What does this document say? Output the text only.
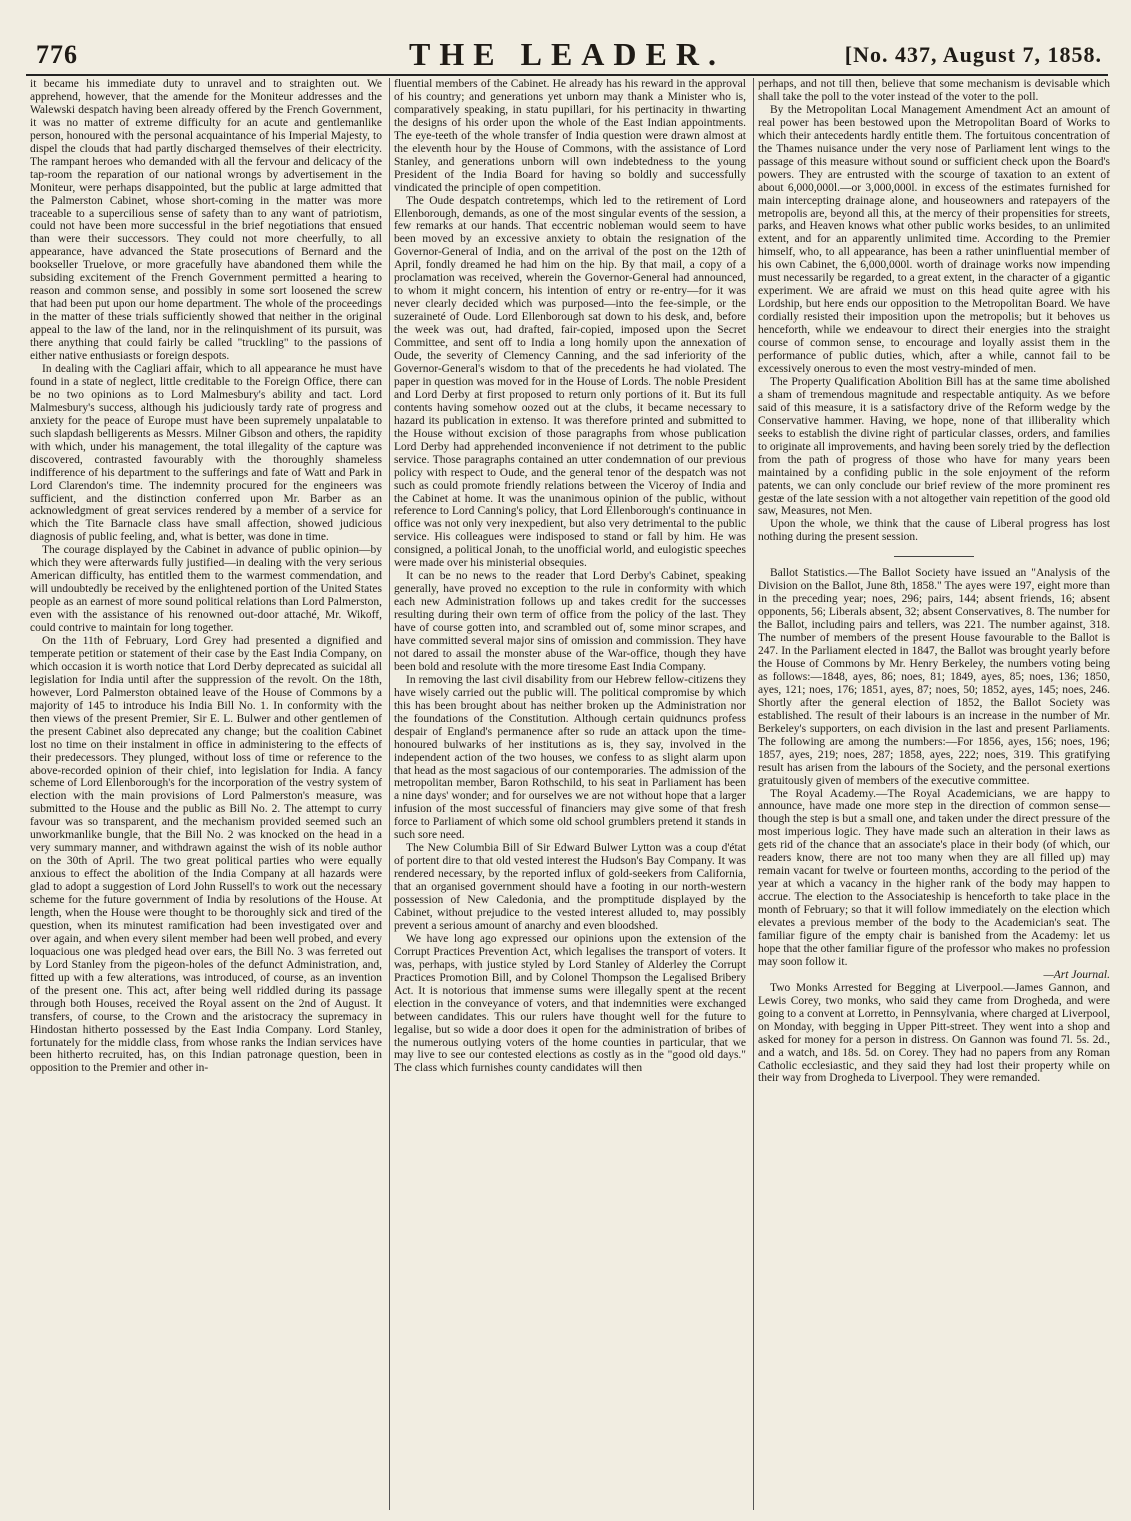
776	THE LEADER.	[No. 437, August 7, 1858.

it became his immediate duty to unravel and to straighten out. We apprehend, however, that the amende for the Moniteur addresses and the Walewski despatch having been already offered by the French Government, it was no matter of extreme difficulty for an acute and gentlemanlike person, honoured with the personal acquaintance of his Imperial Majesty, to dispel the clouds that had partly discharged themselves of their electricity. The rampant heroes who demanded with all the fervour and delicacy of the tap-room the reparation of our national wrongs by advertisement in the Moniteur, were perhaps disappointed, but the public at large admitted that the Palmerston Cabinet, whose short-coming in the matter was more traceable to a supercilious sense of safety than to any want of patriotism, could not have been more successful in the brief negotiations that ensued than were their successors. They could not more cheerfully, to all appearance, have advanced the State prosecutions of Bernard and the bookseller Truelove, or more gracefully have abandoned them while the subsiding excitement of the French Government permitted a hearing to reason and common sense, and possibly in some sort loosened the screw that had been put upon our home department. The whole of the proceedings in the matter of these trials sufficiently showed that neither in the original appeal to the law of the land, nor in the relinquishment of its pursuit, was there anything that could fairly be called "truckling" to the passions of either native enthusiasts or foreign despots.

In dealing with the Cagliari affair, which to all appearance he must have found in a state of neglect, little creditable to the Foreign Office, there can be no two opinions as to Lord Malmesbury's ability and tact. Lord Malmesbury's success, although his judiciously tardy rate of progress and anxiety for the peace of Europe must have been supremely unpalatable to such slapdash belligerents as Messrs. Milner Gibson and others, the rapidity with which, under his management, the total illegality of the capture was discovered, contrasted favourably with the thoroughly shameless indifference of his department to the sufferings and fate of Watt and Park in Lord Clarendon's time. The indemnity procured for the engineers was sufficient, and the distinction conferred upon Mr. Barber as an acknowledgment of great services rendered by a member of a service for which the Tite Barnacle class have small affection, showed judicious diagnosis of public feeling, and, what is better, was done in time.

The courage displayed by the Cabinet in advance of public opinion—by which they were afterwards fully justified—in dealing with the very serious American difficulty, has entitled them to the warmest commendation, and will undoubtedly be received by the enlightened portion of the United States people as an earnest of more sound political relations than Lord Palmerston, even with the assistance of his renowned out-door attaché, Mr. Wikoff, could contrive to maintain for long together.

On the 11th of February, Lord Grey had presented a dignified and temperate petition or statement of their case by the East India Company, on which occasion it is worth notice that Lord Derby deprecated as suicidal all legislation for India until after the suppression of the revolt. On the 18th, however, Lord Palmerston obtained leave of the House of Commons by a majority of 145 to introduce his India Bill No. 1. In conformity with the then views of the present Premier, Sir E. L. Bulwer and other gentlemen of the present Cabinet also deprecated any change; but the coalition Cabinet lost no time on their instalment in office in administering to the effects of their predecessors. They plunged, without loss of time or reference to the above-recorded opinion of their chief, into legislation for India. A fancy scheme of Lord Ellenborough's for the incorporation of the vestry system of election with the main provisions of Lord Palmerston's measure, was submitted to the House and the public as Bill No. 2. The attempt to curry favour was so transparent, and the mechanism provided seemed such an unworkmanlike bungle, that the Bill No. 2 was knocked on the head in a very summary manner, and withdrawn against the wish of its noble author on the 30th of April. The two great political parties who were equally anxious to effect the abolition of the India Company at all hazards were glad to adopt a suggestion of Lord John Russell's to work out the necessary scheme for the future government of India by resolutions of the House. At length, when the House were thought to be thoroughly sick and tired of the question, when its minutest ramification had been investigated over and over again, and when every silent member had been well probed, and every loquacious one was pledged head over ears, the Bill No. 3 was ferreted out by Lord Stanley from the pigeon-holes of the defunct Administration, and, fitted up with a few alterations, was introduced, of course, as an invention of the present one. This act, after being well riddled during its passage through both Houses, received the Royal assent on the 2nd of August. It transfers, of course, to the Crown and the aristocracy the supremacy in Hindostan hitherto possessed by the East India Company. Lord Stanley, fortunately for the middle class, from whose ranks the Indian services have been hitherto recruited, has, on this Indian patronage question, been in opposition to the Premier and other in-

fluential members of the Cabinet. He already has his reward in the approval of his country; and generations yet unborn may thank a Minister who is, comparatively speaking, in statu pupillari, for his pertinacity in thwarting the designs of his order upon the whole of the East Indian appointments. The eye-teeth of the whole transfer of India question were drawn almost at the eleventh hour by the House of Commons, with the assistance of Lord Stanley, and generations unborn will own indebtedness to the young President of the India Board for having so boldly and successfully vindicated the principle of open competition.

The Oude despatch contretemps, which led to the retirement of Lord Ellenborough, demands, as one of the most singular events of the session, a few remarks at our hands. That eccentric nobleman would seem to have been moved by an excessive anxiety to obtain the resignation of the Governor-General of India, and on the arrival of the post on the 12th of April, fondly dreamed he had him on the hip. By that mail, a copy of a proclamation was received, wherein the Governor-General had announced, to whom it might concern, his intention of entry or re-entry—for it was never clearly decided which was purposed—into the fee-simple, or the suzeraineté of Oude. Lord Ellenborough sat down to his desk, and, before the week was out, had drafted, fair-copied, imposed upon the Secret Committee, and sent off to India a long homily upon the annexation of Oude, the severity of Clemency Canning, and the sad inferiority of the Governor-General's wisdom to that of the precedents he had violated. The paper in question was moved for in the House of Lords. The noble President and Lord Derby at first proposed to return only portions of it. But its full contents having somehow oozed out at the clubs, it became necessary to hazard its publication in extenso. It was therefore printed and submitted to the House without excision of those paragraphs from whose publication Lord Derby had apprehended inconvenience if not detriment to the public service. Those paragraphs contained an utter condemnation of our previous policy with respect to Oude, and the general tenor of the despatch was not such as could promote friendly relations between the Viceroy of India and the Cabinet at home. It was the unanimous opinion of the public, without reference to Lord Canning's policy, that Lord Ellenborough's continuance in office was not only very inexpedient, but also very detrimental to the public service. His colleagues were indisposed to stand or fall by him. He was consigned, a political Jonah, to the unofficial world, and eulogistic speeches were made over his ministerial obsequies.

It can be no news to the reader that Lord Derby's Cabinet, speaking generally, have proved no exception to the rule in conformity with which each new Administration follows up and takes credit for the successes resulting during their own term of office from the policy of the last. They have of course gotten into, and scrambled out of, some minor scrapes, and have committed several major sins of omission and commission. They have not dared to assail the monster abuse of the War-office, though they have been bold and resolute with the more tiresome East India Company.

In removing the last civil disability from our Hebrew fellow-citizens they have wisely carried out the public will. The political compromise by which this has been brought about has neither broken up the Administration nor the foundations of the Constitution. Although certain quidnuncs profess despair of England's permanence after so rude an attack upon the time-honoured bulwarks of her institutions as is, they say, involved in the independent action of the two houses, we confess to as slight alarm upon that head as the most sagacious of our contemporaries. The admission of the metropolitan member, Baron Rothschild, to his seat in Parliament has been a nine days' wonder; and for ourselves we are not without hope that a larger infusion of the most successful of financiers may give some of that fresh force to Parliament of which some old school grumblers pretend it stands in such sore need.

The New Columbia Bill of Sir Edward Bulwer Lytton was a coup d'état of portent dire to that old vested interest the Hudson's Bay Company. It was rendered necessary, by the reported influx of gold-seekers from California, that an organised government should have a footing in our north-western possession of New Caledonia, and the promptitude displayed by the Cabinet, without prejudice to the vested interest alluded to, may possibly prevent a serious amount of anarchy and even bloodshed.

We have long ago expressed our opinions upon the extension of the Corrupt Practices Prevention Act, which legalises the transport of voters. It was, perhaps, with justice styled by Lord Stanley of Alderley the Corrupt Practices Promotion Bill, and by Colonel Thompson the Legalised Bribery Act. It is notorious that immense sums were illegally spent at the recent election in the conveyance of voters, and that indemnities were exchanged between candidates. This our rulers have thought well for the future to legalise, but so wide a door does it open for the administration of bribes of the numerous outlying voters of the home counties in particular, that we may live to see our contested elections as costly as in the "good old days." The class which furnishes county candidates will then

perhaps, and not till then, believe that some mechanism is devisable which shall take the poll to the voter instead of the voter to the poll.

By the Metropolitan Local Management Amendment Act an amount of real power has been bestowed upon the Metropolitan Board of Works to which their antecedents hardly entitle them. The fortuitous concentration of the Thames nuisance under the very nose of Parliament lent wings to the passage of this measure without sound or sufficient check upon the Board's powers. They are entrusted with the scourge of taxation to an extent of about 6,000,000l.—or 3,000,000l. in excess of the estimates furnished for main intercepting drainage alone, and houseowners and ratepayers of the metropolis are, beyond all this, at the mercy of their propensities for streets, parks, and Heaven knows what other public works besides, to an unlimited extent, and for an apparently unlimited time. According to the Premier himself, who, to all appearance, has been a rather uninfluential member of his own Cabinet, the 6,000,000l. worth of drainage works now impending must necessarily be regarded, to a great extent, in the character of a gigantic experiment. We are afraid we must on this head quite agree with his Lordship, but here ends our opposition to the Metropolitan Board. We have cordially resisted their imposition upon the metropolis; but it behoves us henceforth, while we endeavour to direct their energies into the straight course of common sense, to encourage and loyally assist them in the performance of public duties, which, after a while, cannot fail to be excessively onerous to even the most vestry-minded of men.

The Property Qualification Abolition Bill has at the same time abolished a sham of tremendous magnitude and respectable antiquity. As we before said of this measure, it is a satisfactory drive of the Reform wedge by the Conservative hammer. Having, we hope, none of that illiberality which seeks to establish the divine right of particular classes, orders, and families to originate all improvements, and having been sorely tried by the deflection from the path of progress of those who have for many years been maintained by a confiding public in the sole enjoyment of the reform patents, we can only conclude our brief review of the more prominent res gestæ of the late session with a not altogether vain repetition of the good old saw, Measures, not Men.

Upon the whole, we think that the cause of Liberal progress has lost nothing during the present session.

Ballot Statistics.—The Ballot Society have issued an "Analysis of the Division on the Ballot, June 8th, 1858." The ayes were 197, eight more than in the preceding year; noes, 296; pairs, 144; absent friends, 16; absent opponents, 56; Liberals absent, 32; absent Conservatives, 8. The number for the Ballot, including pairs and tellers, was 221. The number against, 318. The number of members of the present House favourable to the Ballot is 247. In the Parliament elected in 1847, the Ballot was brought yearly before the House of Commons by Mr. Henry Berkeley, the numbers voting being as follows:—1848, ayes, 86; noes, 81; 1849, ayes, 85; noes, 136; 1850, ayes, 121; noes, 176; 1851, ayes, 87; noes, 50; 1852, ayes, 145; noes, 246. Shortly after the general election of 1852, the Ballot Society was established. The result of their labours is an increase in the number of Mr. Berkeley's supporters, on each division in the last and present Parliaments. The following are among the numbers:—For 1856, ayes, 156; noes, 196; 1857, ayes, 219; noes, 287; 1858, ayes, 222; noes, 319. This gratifying result has arisen from the labours of the Society, and the personal exertions gratuitously given of members of the executive committee.

The Royal Academy.—The Royal Academicians, we are happy to announce, have made one more step in the direction of common sense—though the step is but a small one, and taken under the direct pressure of the most imperious logic. They have made such an alteration in their laws as gets rid of the chance that an associate's place in their body (of which, our readers know, there are not too many when they are all filled up) may remain vacant for twelve or fourteen months, according to the period of the year at which a vacancy in the higher rank of the body may happen to accrue. The election to the Associateship is henceforth to take place in the month of February; so that it will follow immediately on the election which elevates a previous member of the body to the Academician's seat. The familiar figure of the empty chair is banished from the Academy: let us hope that the other familiar figure of the professor who makes no profession may soon follow it.

—Art Journal.

Two Monks Arrested for Begging at Liverpool.—James Gannon, and Lewis Corey, two monks, who said they came from Drogheda, and were going to a convent at Lorretto, in Pennsylvania, where charged at Liverpool, on Monday, with begging in Upper Pitt-street. They went into a shop and asked for money for a person in distress. On Gannon was found 7l. 5s. 2d., and a watch, and 18s. 5d. on Corey. They had no papers from any Roman Catholic ecclesiastic, and they said they had lost their property while on their way from Drogheda to Liverpool. They were remanded.
